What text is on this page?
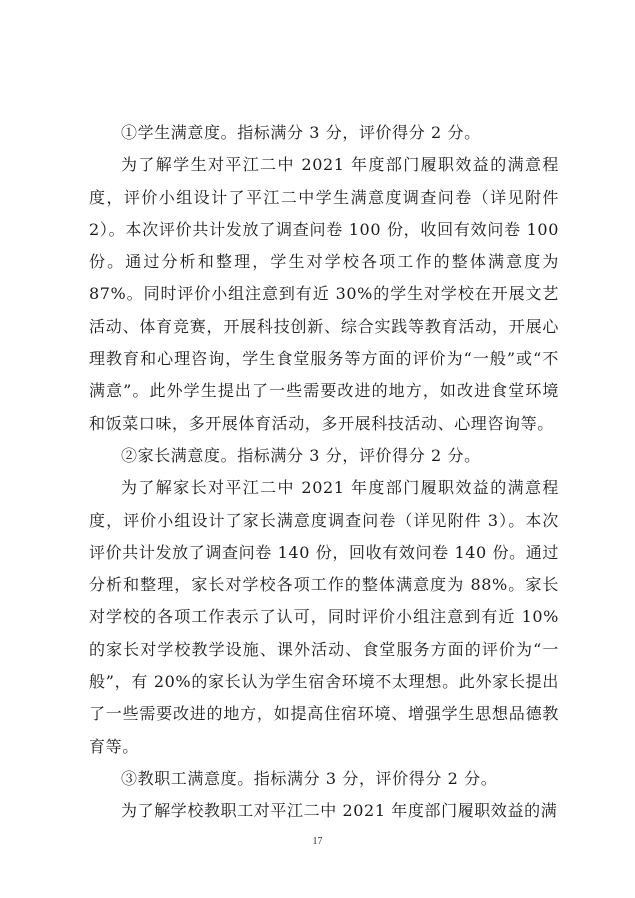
①学生满意度。指标满分 3 分，评价得分 2 分。

为了解学生对平江二中 2021 年度部门履职效益的满意程度，评价小组设计了平江二中学生满意度调查问卷（详见附件 2）。本次评价共计发放了调查问卷 100 份，收回有效问卷 100 份。通过分析和整理，学生对学校各项工作的整体满意度为 87%。同时评价小组注意到有近 30%的学生对学校在开展文艺活动、体育竞赛，开展科技创新、综合实践等教育活动，开展心理教育和心理咨询，学生食堂服务等方面的评价为“一般”或“不满意”。此外学生提出了一些需要改进的地方，如改进食堂环境和饭菜口味，多开展体育活动，多开展科技活动、心理咨询等。

②家长满意度。指标满分 3 分，评价得分 2 分。

为了解家长对平江二中 2021 年度部门履职效益的满意程度，评价小组设计了家长满意度调查问卷（详见附件 3）。本次评价共计发放了调查问卷 140 份，回收有效问卷 140 份。通过分析和整理，家长对学校各项工作的整体满意度为 88%。家长对学校的各项工作表示了认可，同时评价小组注意到有近 10%的家长对学校教学设施、课外活动、食堂服务方面的评价为“一般”，有 20%的家长认为学生宿舍环境不太理想。此外家长提出了一些需要改进的地方，如提高住宿环境、增强学生思想品德教育等。

③教职工满意度。指标满分 3 分，评价得分 2 分。

为了解学校教职工对平江二中 2021 年度部门履职效益的满

17
